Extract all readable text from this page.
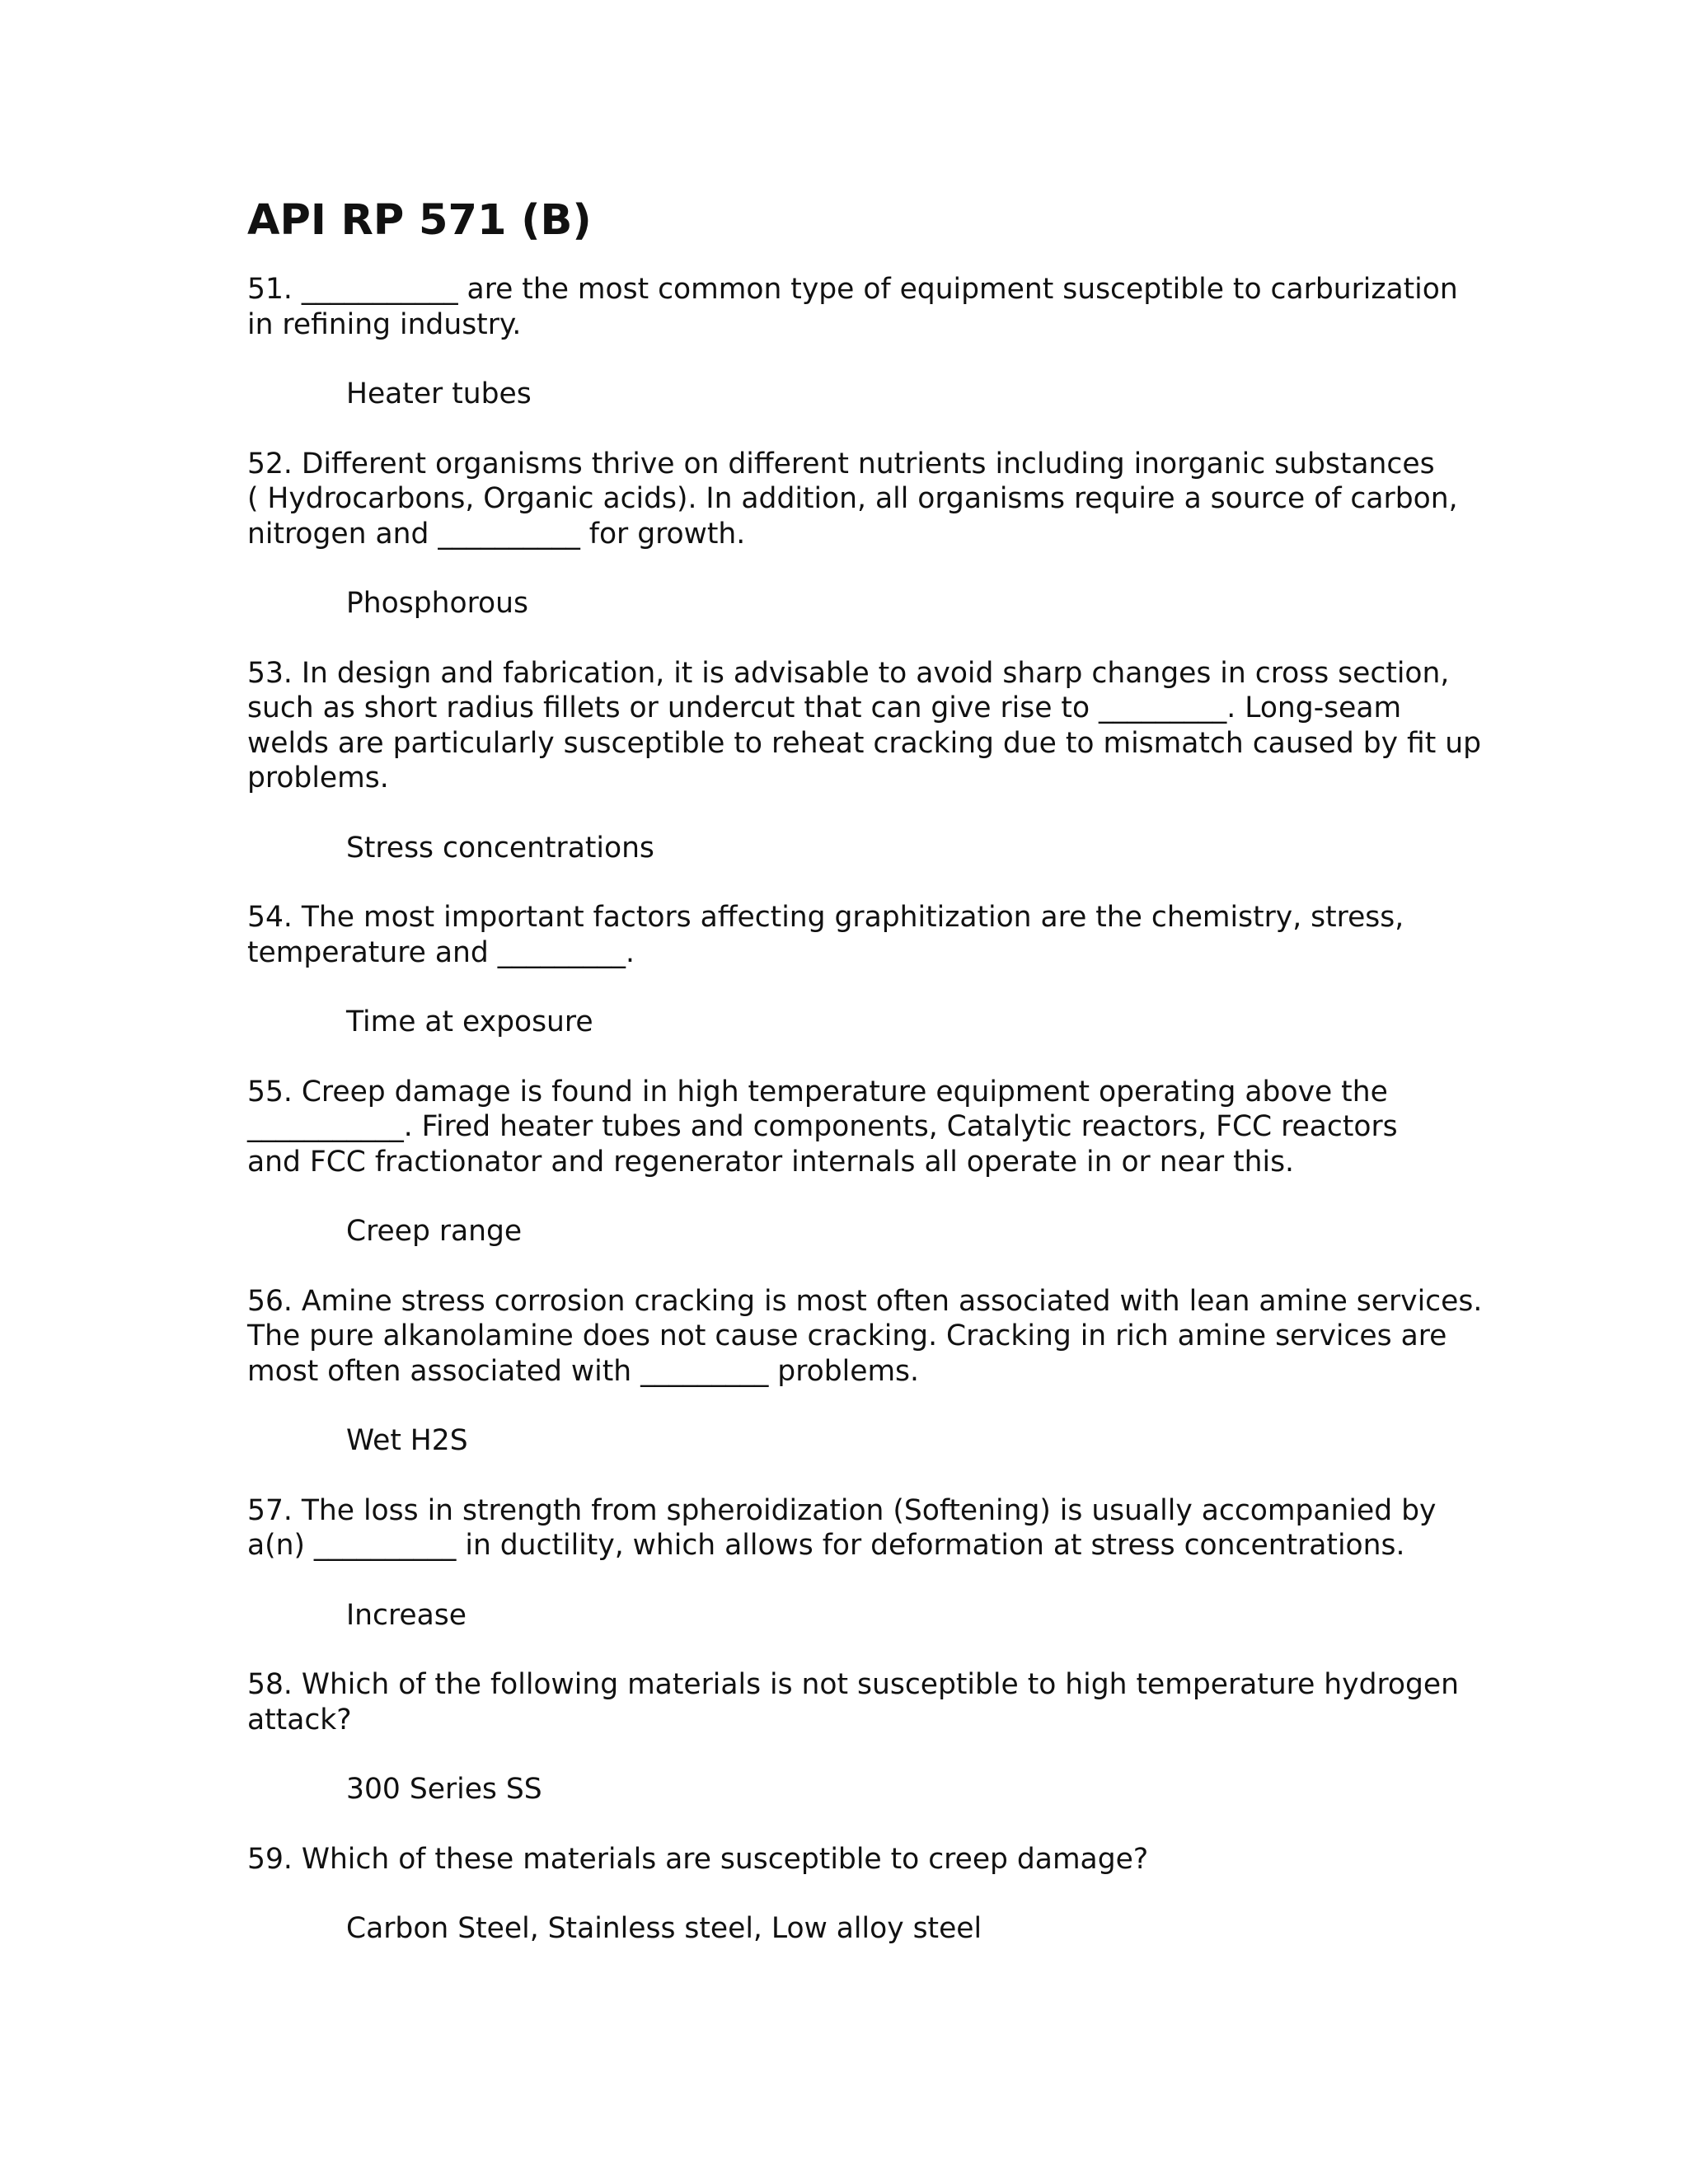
API RP 571 (B)

51. ___________ are the most common type of equipment susceptible to carburization
in refining industry.

Heater tubes

52. Different organisms thrive on different nutrients including inorganic substances
( Hydrocarbons, Organic acids). In addition, all organisms require a source of carbon,
nitrogen and __________ for growth.

Phosphorous

53. In design and fabrication, it is advisable to avoid sharp changes in cross section,
such as short radius fillets or undercut that can give rise to _________. Long-seam
welds are particularly susceptible to reheat cracking due to mismatch caused by fit up
problems.

Stress concentrations

54. The most important factors affecting graphitization are the chemistry, stress,
temperature and _________.

Time at exposure

55. Creep damage is found in high temperature equipment operating above the
___________. Fired heater tubes and components, Catalytic reactors, FCC reactors
and FCC fractionator and regenerator internals all operate in or near this.

Creep range

56. Amine stress corrosion cracking is most often associated with lean amine services.
The pure alkanolamine does not cause cracking. Cracking in rich amine services are
most often associated with _________ problems.

Wet H2S

57. The loss in strength from spheroidization (Softening) is usually accompanied by
a(n) __________ in ductility, which allows for deformation at stress concentrations.

Increase

58. Which of the following materials is not susceptible to high temperature hydrogen
attack?

300 Series SS

59. Which of these materials are susceptible to creep damage?

Carbon Steel, Stainless steel, Low alloy steel
